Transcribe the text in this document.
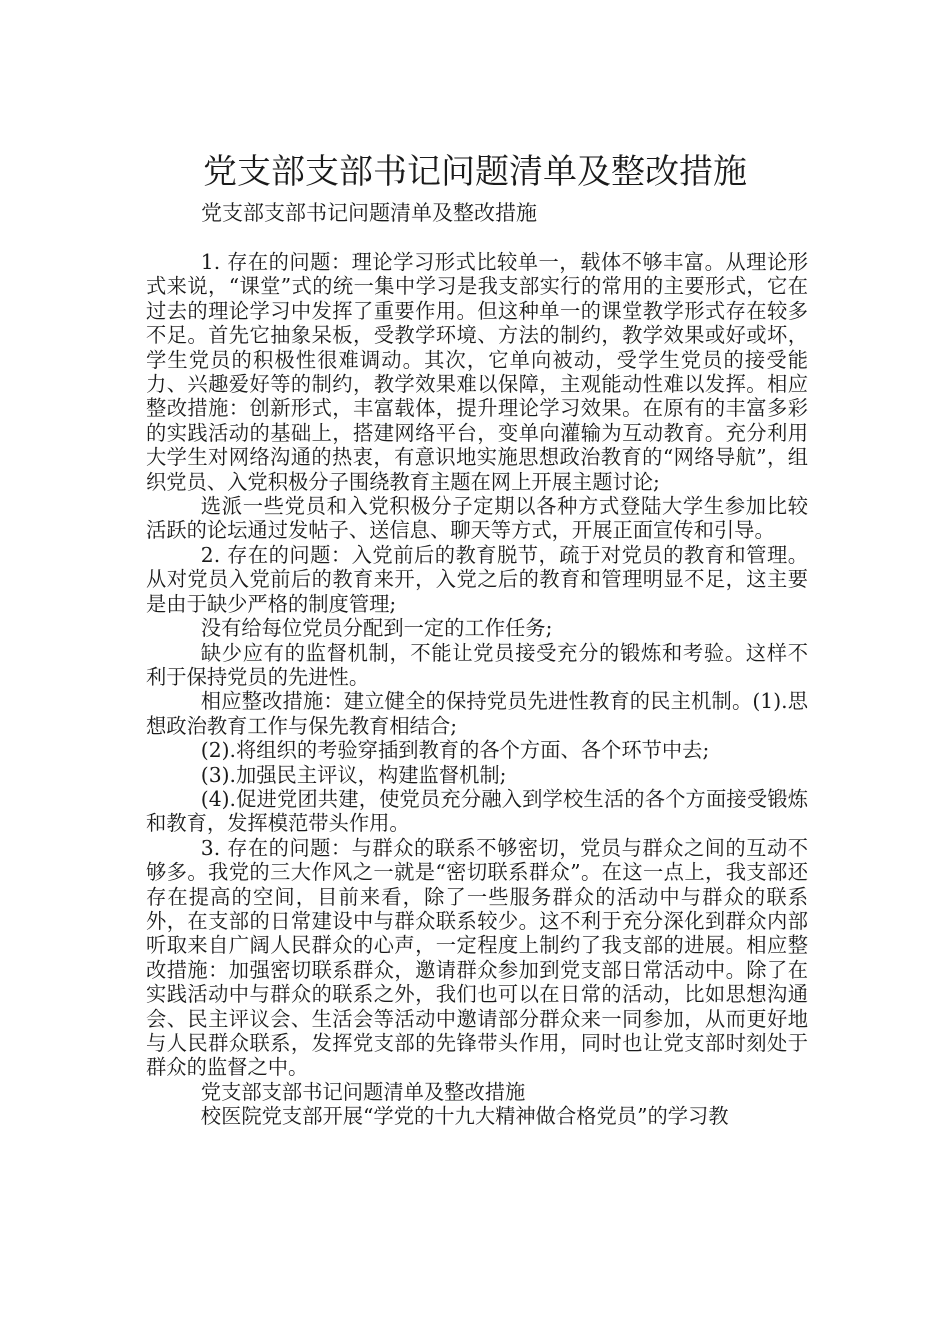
党支部支部书记问题清单及整改措施
党支部支部书记问题清单及整改措施

1. 存在的问题：理论学习形式比较单一，载体不够丰富。从理论形式来说，“课堂”式的统一集中学习是我支部实行的常用的主要形式，它在过去的理论学习中发挥了重要作用。但这种单一的课堂教学形式存在较多不足。首先它抽象呆板，受教学环境、方法的制约，教学效果或好或坏，学生党员的积极性很难调动。其次，它单向被动，受学生党员的接受能力、兴趣爱好等的制约，教学效果难以保障，主观能动性难以发挥。相应整改措施：创新形式，丰富载体，提升理论学习效果。在原有的丰富多彩的实践活动的基础上，搭建网络平台，变单向灌输为互动教育。充分利用大学生对网络沟通的热衷，有意识地实施思想政治教育的“网络导航”，组织党员、入党积极分子围绕教育主题在网上开展主题讨论;

选派一些党员和入党积极分子定期以各种方式登陆大学生参加比较活跃的论坛通过发帖子、送信息、聊天等方式，开展正面宣传和引导。

2. 存在的问题：入党前后的教育脱节，疏于对党员的教育和管理。从对党员入党前后的教育来开，入党之后的教育和管理明显不足，这主要是由于缺少严格的制度管理;

没有给每位党员分配到一定的工作任务;

缺少应有的监督机制，不能让党员接受充分的锻炼和考验。这样不利于保持党员的先进性。

相应整改措施：建立健全的保持党员先进性教育的民主机制。(1).思想政治教育工作与保先教育相结合;

(2).将组织的考验穿插到教育的各个方面、各个环节中去;

(3).加强民主评议，构建监督机制;

(4).促进党团共建，使党员充分融入到学校生活的各个方面接受锻炼和教育，发挥模范带头作用。

3. 存在的问题：与群众的联系不够密切，党员与群众之间的互动不够多。我党的三大作风之一就是“密切联系群众”。在这一点上，我支部还存在提高的空间，目前来看，除了一些服务群众的活动中与群众的联系外，在支部的日常建设中与群众联系较少。这不利于充分深化到群众内部听取来自广阔人民群众的心声，一定程度上制约了我支部的进展。相应整改措施：加强密切联系群众，邀请群众参加到党支部日常活动中。除了在实践活动中与群众的联系之外，我们也可以在日常的活动，比如思想沟通会、民主评议会、生活会等活动中邀请部分群众来一同参加，从而更好地与人民群众联系，发挥党支部的先锋带头作用，同时也让党支部时刻处于群众的监督之中。

党支部支部书记问题清单及整改措施

校医院党支部开展“学党的十九大精神做合格党员”的学习教
